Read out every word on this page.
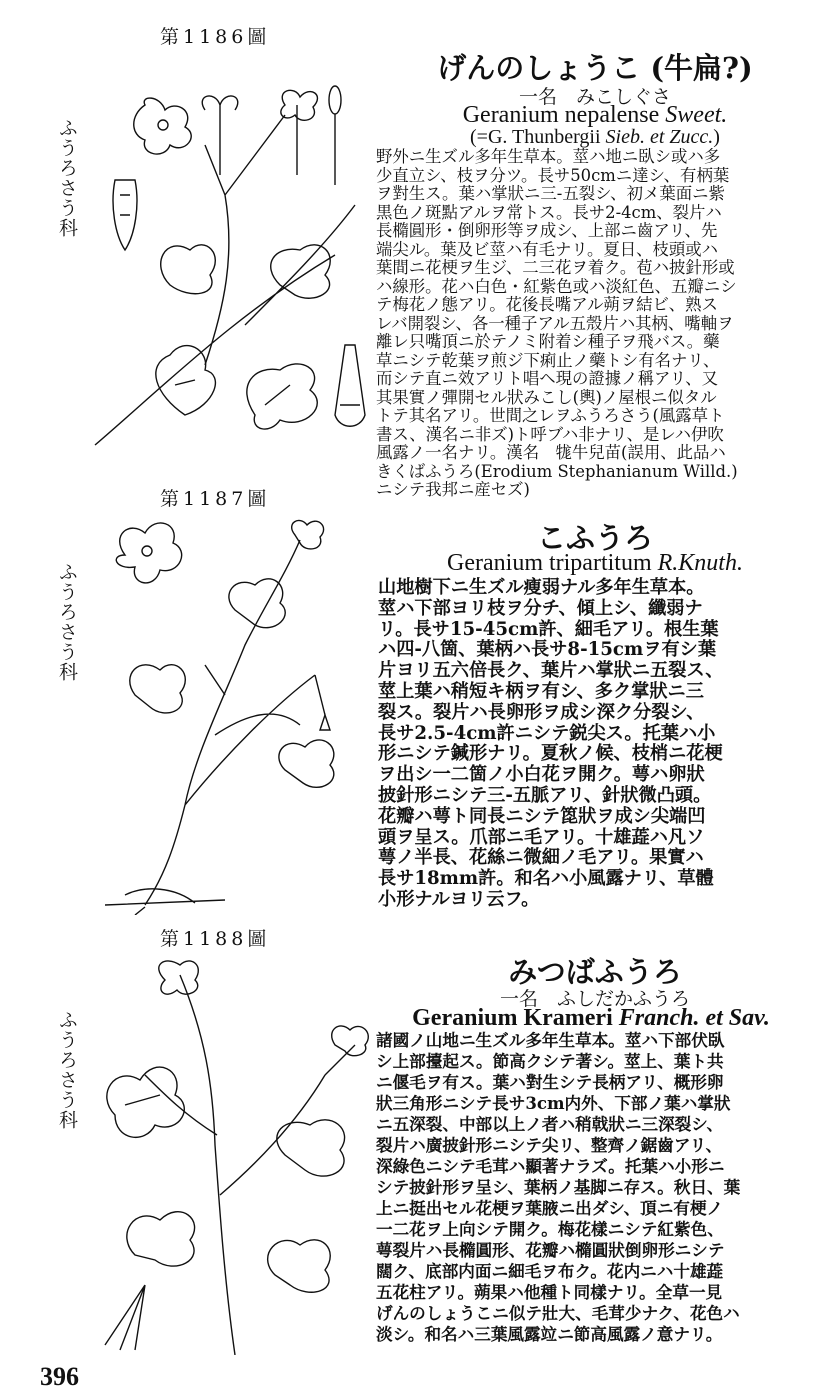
第1186圖
ふうろさう科
げんのしょうこ (牛扁?)
一名　みこしぐさ
Geranium nepalense Sweet.
(=G. Thunbergii Sieb. et Zucc.)
野外ニ生ズル多年生草本。莖ハ地ニ臥シ或ハ多
少直立シ、枝ヲ分ツ。長サ50cmニ達シ、有柄葉
ヲ對生ス。葉ハ掌狀ニ三-五裂シ、初メ葉面ニ紫
黒色ノ斑點アルヲ常トス。長サ2-4cm、裂片ハ
長橢圓形・倒卵形等ヲ成シ、上部ニ齒アリ、先
端尖ル。葉及ビ莖ハ有毛ナリ。夏日、枝頭或ハ
葉間ニ花梗ヲ生ジ、二三花ヲ着ク。苞ハ披針形或
ハ線形。花ハ白色・紅紫色或ハ淡紅色、五瓣ニシ
テ梅花ノ態アリ。花後長嘴アル蒴ヲ結ビ、熟ス
レバ開裂シ、各一種子アル五殼片ハ其柄、嘴軸ヲ
離レ只嘴頂ニ於テノミ附着シ種子ヲ飛バス。藥
草ニシテ乾葉ヲ煎ジ下痢止ノ藥トシ有名ナリ、
而シテ直ニ效アリト唱ヘ現の證據ノ稱アリ、又
其果實ノ彈開セル狀みこし(輿)ノ屋根ニ似タル
トテ其名アリ。世間之レヲふうろさう(風露草ト
書ス、漢名ニ非ズ)ト呼ブハ非ナリ、是レハ伊吹
風露ノ一名ナリ。漢名　牻牛兒苗(誤用、此品ハ
きくばふうろ(Erodium Stephanianum Willd.)
ニシテ我邦ニ産セズ)
第1187圖
ふうろさう科
こふうろ
Geranium tripartitum R.Knuth.
山地樹下ニ生ズル瘦弱ナル多年生草本。
莖ハ下部ヨリ枝ヲ分チ、傾上シ、纖弱ナ
リ。長サ15-45cm許、細毛アリ。根生葉
ハ四-八箇、葉柄ハ長サ8-15cmヲ有シ葉
片ヨリ五六倍長ク、葉片ハ掌狀ニ五裂ス、
莖上葉ハ稍短キ柄ヲ有シ、多ク掌狀ニ三
裂ス。裂片ハ長卵形ヲ成シ深ク分裂シ、
長サ2.5-4cm許ニシテ鋭尖ス。托葉ハ小
形ニシテ鍼形ナリ。夏秋ノ候、枝梢ニ花梗
ヲ出シ一二箇ノ小白花ヲ開ク。萼ハ卵狀
披針形ニシテ三-五脈アリ、針狀微凸頭。
花瓣ハ萼ト同長ニシテ箆狀ヲ成シ尖端凹
頭ヲ呈ス。爪部ニ毛アリ。十雄蕋ハ凡ソ
萼ノ半長、花絲ニ微細ノ毛アリ。果實ハ
長サ18mm許。和名ハ小風露ナリ、草體
小形ナルヨリ云フ。
第1188圖
ふうろさう科
みつばふうろ
一名　ふしだかふうろ
Geranium Krameri Franch. et Sav.
諸國ノ山地ニ生ズル多年生草本。莖ハ下部伏臥
シ上部擡起ス。節高クシテ著シ。莖上、葉ト共
ニ偃毛ヲ有ス。葉ハ對生シテ長柄アリ、概形卵
狀三角形ニシテ長サ3cm内外、下部ノ葉ハ掌狀
ニ五深裂、中部以上ノ者ハ稍戟狀ニ三深裂シ、
裂片ハ廣披針形ニシテ尖リ、整齊ノ鋸齒アリ、
深綠色ニシテ毛茸ハ顯著ナラズ。托葉ハ小形ニ
シテ披針形ヲ呈シ、葉柄ノ基脚ニ存ス。秋日、葉
上ニ挺出セル花梗ヲ葉腋ニ出ダシ、頂ニ有梗ノ
一二花ヲ上向シテ開ク。梅花樣ニシテ紅紫色、
萼裂片ハ長橢圓形、花瓣ハ橢圓狀倒卵形ニシテ
闊ク、底部内面ニ細毛ヲ布ク。花内ニハ十雄蕋
五花柱アリ。蒴果ハ他種ト同樣ナリ。全草一見
げんのしょうこニ似テ壯大、毛茸少ナク、花色ハ
淡シ。和名ハ三葉風露竝ニ節高風露ノ意ナリ。
396
